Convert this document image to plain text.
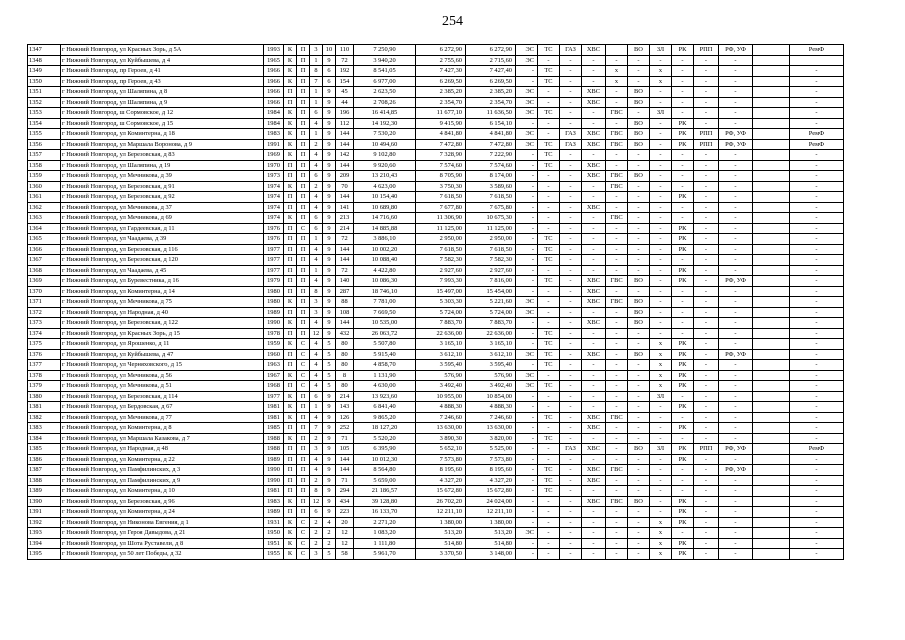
254
1347	г Нижний Новгород, ул Красных Зорь, д 5А	1993	К	П	3	10	110	7 250,90	6 272,90	6 272,90	ЭС	ТС	ГАЗ	ХВС		ВО	ЗЛ	РК	РПП	РФ, УФ		РемФ
1348	г Нижний Новгород, ул Куйбышева, д 4	1965	К	П	1	9	72	3 940,20	2 755,60	2 715,60	ЭС	-	-	-	-	-	-	-	-	-		
1349	г Нижний Новгород, пр Героев, д 41	1966	К	П	8	6	192	8 541,05	7 427,30	7 427,40	-	ТС	-	-	х	-	х	-	-	-		-
1350	г Нижний Новгород, пр Героев, д 43	1966	К	П	7	6	154	6 977,00	6 269,50	6 269,50	-	ТС	-	-	х	-	х	-	-	-		-
1351	г Нижний Новгород, ул Шаляпина, д 8	1966	П	П	1	9	45	2 623,50	2 385,20	2 385,20	ЭС	-	-	ХВС	-	ВО	-	-	-	-		-
1352	г Нижний Новгород, ул Шаляпина, д 9	1966	П	П	1	9	44	2 708,26	2 354,70	2 354,70	ЭС	-	-	ХВС	-	ВО	-	-	-	-		-
1353	г Нижний Новгород, ш Сормовское, д 12	1984	К	П	6	9	196	16 414,85	11 677,10	11 636,50	ЭС	ТС	-	-	ГВС	-	ЗЛ	-	-	-		-
1354	г Нижний Новгород, ш Сормовское, д 15	1984	К	П	4	9	112	14 192,30	9 415,90	6 154,10	-	-	-	-	-	ВО	-	РК	-	-		-
1355	г Нижний Новгород, ул Коминтерна, д 18	1983	К	П	1	9	144	7 530,20	4 841,80	4 841,80	ЭС	-	ГАЗ	ХВС	ГВС	ВО	-	РК	РПП	РФ, УФ		РемФ
1356	г Нижний Новгород, ул Маршала Воронова, д 9	1991	К	П	2	9	144	10 494,60	7 472,80	7 472,80	ЭС	ТС	ГАЗ	ХВС	ГВС	ВО	-	РК	РПП	РФ, УФ		РемФ
1357	г Нижний Новгород, ул Березовская, д 83	1969	К	П	4	9	142	9 102,80	7 328,90	7 222,90	-	ТС	-	-	-	-	-	-	-	-		-
1358	г Нижний Новгород, ул Шаляпина, д 19	1970	П	П	4	9	144	9 920,60	7 574,60	7 574,60	-	ТС	-	ХВС	-	-	-	-	-	-		-
1359	г Нижний Новгород, ул Мечникова, д 39	1973	П	П	6	9	209	13 210,43	8 705,90	8 174,00	-	-	-	ХВС	ГВС	ВО	-	-	-	-		-
1360	г Нижний Новгород, ул Березовская, д 91	1974	К	П	2	9	70	4 623,00	3 750,30	3 589,60	-	-	-	-	ГВС	-	-	-	-	-		-
1361	г Нижний Новгород, ул Березовская, д 92	1974	П	П	4	9	144	10 154,40	7 618,50	7 618,50	-	-	-	-	-	-	-	РК	-	-		-
1362	г Нижний Новгород, ул Мечникова, д 37	1974	П	П	4	9	141	10 689,80	7 677,80	7 675,80	-	-	-	ХВС	-	-	-	-	-	-		-
1363	г Нижний Новгород, ул Мечникова, д 69	1974	К	П	6	9	213	14 716,60	11 306,90	10 675,30	-	-	-	-	ГВС	-	-	-	-	-		-
1364	г Нижний Новгород, ул Гардеевская, д 11	1976	П	С	6	9	214	14 885,88	11 125,00	11 125,00	-	-	-	-	-	-	-	РК	-	-		-
1365	г Нижний Новгород, ул Чаадаева, д 39	1976	П	П	1	9	72	3 886,10	2 950,00	2 950,00	-	ТС	-	-	-	-	-	РК	-	-		-
1366	г Нижний Новгород, ул Березовская, д 116	1977	П	П	4	9	144	10 002,20	7 618,50	7 618,50	-	ТС	-	-	-	-	-	РК	-	-		-
1367	г Нижний Новгород, ул Березовская, д 120	1977	П	П	4	9	144	10 088,40	7 582,30	7 582,30	-	ТС	-	-	-	-	-	-	-	-		-
1368	г Нижний Новгород, ул Чаадаева, д 45	1977	П	П	1	9	72	4 422,80	2 927,60	2 927,60	-	-	-	-	-	-	-	РК	-	-		-
1369	г Нижний Новгород, ул Буревестника, д 16	1979	П	П	4	9	140	10 086,30	7 993,30	7 816,00	-	ТС	-	ХВС	ГВС	ВО	-	РК	-	РФ, УФ		-
1370	г Нижний Новгород, ул Коминтерна, д 14	1980	П	П	8	9	287	18 746,10	15 497,00	15 454,00	-	-	-	ХВС	-	-	-	-	-	-		-
1371	г Нижний Новгород, ул Мечникова, д 75	1980	К	П	3	9	88	7 781,00	5 303,30	5 221,60	ЭС	-	-	ХВС	ГВС	ВО	-	-	-	-		-
1372	г Нижний Новгород, ул Народная, д 40	1989	П	П	3	9	108	7 669,50	5 724,00	5 724,00	ЭС	-	-	-	-	ВО	-	-	-	-		-
1373	г Нижний Новгород, ул Березовская, д 122	1990	К	П	4	9	144	10 535,00	7 883,70	7 883,70	-	-	-	ХВС	-	ВО	-	-	-	-		-
1374	г Нижний Новгород, ул Красных Зорь, д 15	1978	П	П	12	9	432	26 063,72	22 636,00	22 636,00	-	ТС	-	-	-	-	-	-	-	-		-
1375	г Нижний Новгород, ул Ярошенко, д 11	1959	К	С	4	5	80	5 507,80	3 165,10	3 165,10	-	ТС	-	-	-	-	х	РК	-	-		-
1376	г Нижний Новгород, ул Куйбышева, д 47	1960	П	С	4	5	80	5 915,40	3 612,10	3 612,10	ЭС	ТС	-	ХВС	-	ВО	х	РК	-	РФ, УФ		-
1377	г Нижний Новгород, ул Черняховского, д 15	1963	П	С	4	5	80	4 858,70	3 595,40	3 595,40	-	ТС	-	-	-	-	х	РК	-	-		-
1378	г Нижний Новгород, ул Мечникова, д 56	1967	К	С	4	5	8	1 131,90	576,90	576,90	ЭС	-	-	-	-	-	х	РК	-	-		-
1379	г Нижний Новгород, ул Мечникова, д 51	1968	П	С	4	5	80	4 630,00	3 492,40	3 492,40	ЭС	ТС	-	-	-	-	х	РК	-	-		-
1380	г Нижний Новгород, ул Березовская, д 114	1977	К	П	6	9	214	13 923,60	10 955,00	10 854,00	-	-	-	-	-	-	ЗЛ	-	-	-		-
1381	г Нижний Новгород, ул Бердовская, д 67	1981	К	П	1	9	143	6 841,40	4 888,30	4 888,30	-	-	-	-	-	-	-	РК	-	-		-
1382	г Нижний Новгород, ул Мечникова, д 77	1981	К	П	4	9	126	9 865,20	7 246,60	7 246,60	-	ТС	-	ХВС	ГВС	-	-	-	-	-		-
1383	г Нижний Новгород, ул Коминтерна, д 8	1985	П	П	7	9	252	18 127,20	13 630,00	13 630,00	-	-	-	ХВС	-	-	-	РК	-	-		-
1384	г Нижний Новгород, ул Маршала Казакова, д 7	1988	К	П	2	9	71	5 520,20	3 890,30	3 820,00	-	ТС	-	-	-	-	-	-	-	-		-
1385	г Нижний Новгород, ул Народная, д 48	1988	П	П	3	9	105	6 395,90	5 652,10	5 525,00	-	-	ГАЗ	ХВС	-	ВО	ЗЛ	РК	РПП	РФ, УФ		РемФ
1386	г Нижний Новгород, ул Коминтерна, д 22	1989	П	П	4	9	144	10 012,30	7 573,80	7 573,80	-	-	-	-	-	-	-	РК	-	-		-
1387	г Нижний Новгород, ул Памфилинских, д 3	1990	П	П	4	9	144	8 564,80	8 195,60	8 195,60	-	ТС	-	ХВС	ГВС	-	-	-	-	РФ, УФ		-
1388	г Нижний Новгород, ул Памфилинских, д 9	1990	П	П	2	9	71	5 659,00	4 327,20	4 327,20	-	ТС	-	ХВС	-	-	-	-	-	-		-
1389	г Нижний Новгород, ул Коминтерна, д 10	1981	П	П	8	9	294	21 186,57	15 672,80	15 672,80	-	ТС	-	-	-	-	-	-	-	-		-
1390	г Нижний Новгород, ул Березовская, д 96	1983	К	П	12	9	434	39 128,80	26 702,20	24 024,00	-	-	-	ХВС	ГВС	ВО	-	РК	-	-		-
1391	г Нижний Новгород, ул Коминтерна, д 24	1989	П	П	6	9	223	16 133,70	12 211,10	12 211,10	-	-	-	-	-	-	-	РК	-	-		-
1392	г Нижний Новгород, ул Никонова Евгения, д 1	1931	К	С	2	4	20	2 271,20	1 380,00	1 380,00	-	-	-	-	-	-	х	РК	-	-		-
1393	г Нижний Новгород, ул Героя Давыдова, д 21	1950	К	С	2	2	12	1 083,20	513,20	513,20	ЭС	-	-	-	-	-	х	-	-	-		-
1394	г Нижний Новгород, ул Шота Руставели, д 8	1951	К	С	2	2	12	1 111,80	514,80	514,80	-	-	-	-	-	-	х	РК	-	-		-
1395	г Нижний Новгород, ул 50 лет Победы, д 32	1955	К	С	3	5	58	5 961,70	3 370,50	3 148,00	-	-	-	-	-	-	х	РК	-	-		-
